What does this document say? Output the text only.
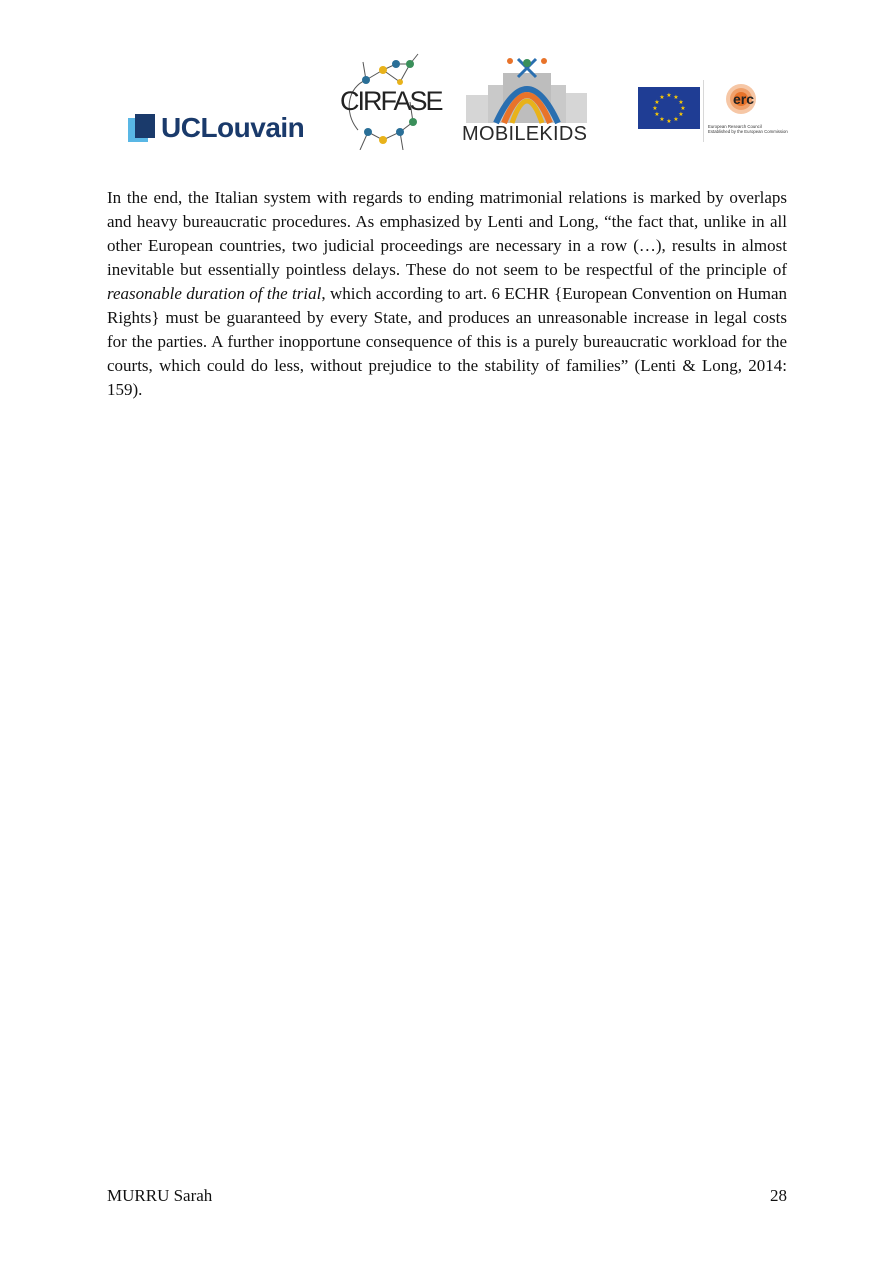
UCLouvain
CIRFASE
MOBILEKIDS
★ ★
★
★
★
★
★
★
★
★
★
★	erc
European Research Council
Established by the European Commission

In the end, the Italian system with regards to ending matrimonial relations is marked by overlaps and heavy bureaucratic procedures. As emphasized by Lenti and Long, “the fact that, unlike in all other European countries, two judicial proceedings are necessary in a row (…), results in almost inevitable but essentially pointless delays. These do not seem to be respectful of the principle of reasonable duration of the trial, which according to art. 6 ECHR {European Convention on Human Rights} must be guaranteed by every State, and produces an unreasonable increase in legal costs for the parties. A further inopportune consequence of this is a purely bureaucratic workload for the courts, which could do less, without prejudice to the stability of families” (Lenti & Long, 2014: 159).

MURRU Sarah	28
